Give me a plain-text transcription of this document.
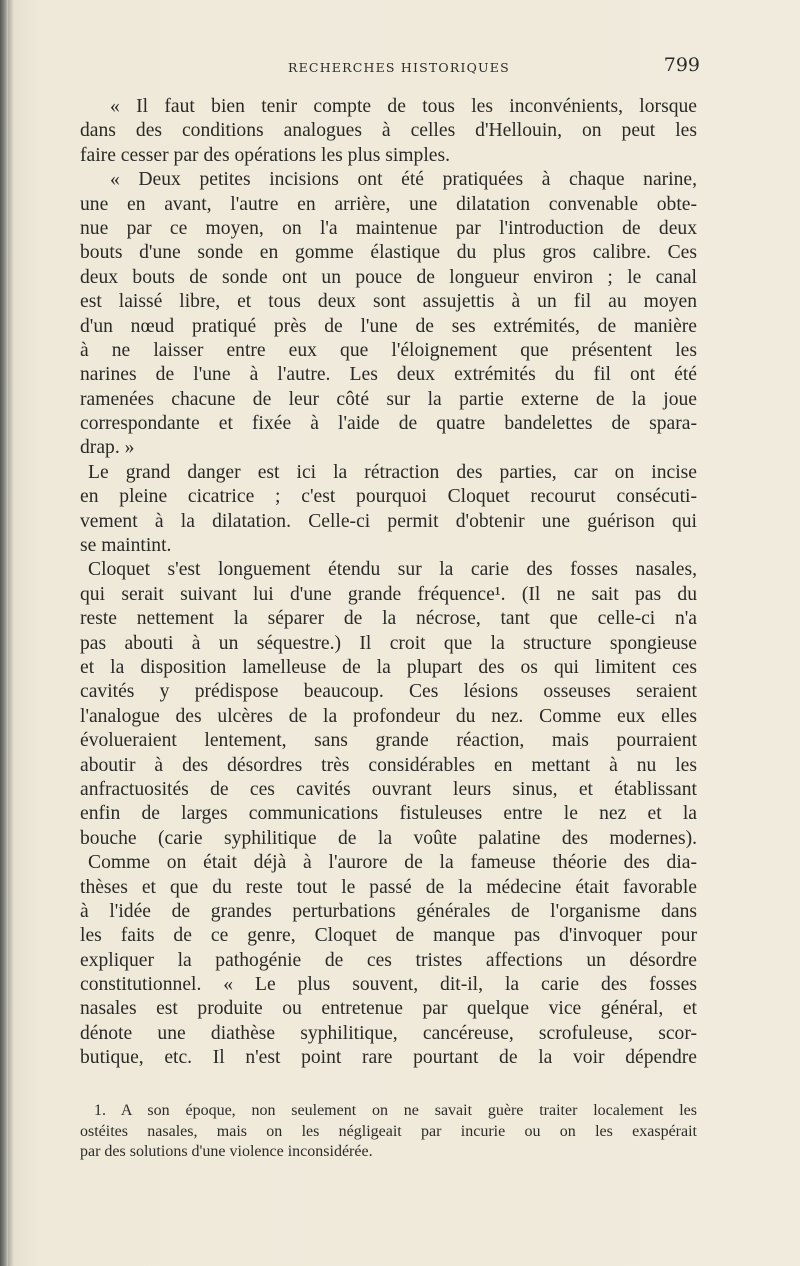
RECHERCHES HISTORIQUES	799
« Il faut bien tenir compte de tous les inconvénients, lorsque
dans des conditions analogues à celles d'Hellouin, on peut les
faire cesser par des opérations les plus simples.
« Deux petites incisions ont été pratiquées à chaque narine,
une en avant, l'autre en arrière, une dilatation convenable obte-
nue par ce moyen, on l'a maintenue par l'introduction de deux
bouts d'une sonde en gomme élastique du plus gros calibre. Ces
deux bouts de sonde ont un pouce de longueur environ ; le canal
est laissé libre, et tous deux sont assujettis à un fil au moyen
d'un nœud pratiqué près de l'une de ses extrémités, de manière
à ne laisser entre eux que l'éloignement que présentent les
narines de l'une à l'autre. Les deux extrémités du fil ont été
ramenées chacune de leur côté sur la partie externe de la joue
correspondante et fixée à l'aide de quatre bandelettes de spara-
drap. »
Le grand danger est ici la rétraction des parties, car on incise
en pleine cicatrice ; c'est pourquoi Cloquet recourut consécuti-
vement à la dilatation. Celle-ci permit d'obtenir une guérison qui
se maintint.
Cloquet s'est longuement étendu sur la carie des fosses nasales,
qui serait suivant lui d'une grande fréquence¹. (Il ne sait pas du
reste nettement la séparer de la nécrose, tant que celle-ci n'a
pas abouti à un séquestre.) Il croit que la structure spongieuse
et la disposition lamelleuse de la plupart des os qui limitent ces
cavités y prédispose beaucoup. Ces lésions osseuses seraient
l'analogue des ulcères de la profondeur du nez. Comme eux elles
évolueraient lentement, sans grande réaction, mais pourraient
aboutir à des désordres très considérables en mettant à nu les
anfractuosités de ces cavités ouvrant leurs sinus, et établissant
enfin de larges communications fistuleuses entre le nez et la
bouche (carie syphilitique de la voûte palatine des modernes).
Comme on était déjà à l'aurore de la fameuse théorie des dia-
thèses et que du reste tout le passé de la médecine était favorable
à l'idée de grandes perturbations générales de l'organisme dans
les faits de ce genre, Cloquet de manque pas d'invoquer pour
expliquer la pathogénie de ces tristes affections un désordre
constitutionnel. « Le plus souvent, dit-il, la carie des fosses
nasales est produite ou entretenue par quelque vice général, et
dénote une diathèse syphilitique, cancéreuse, scrofuleuse, scor-
butique, etc. Il n'est point rare pourtant de la voir dépendre
1. A son époque, non seulement on ne savait guère traiter localement les
ostéites nasales, mais on les négligeait par incurie ou on les exaspérait
par des solutions d'une violence inconsidérée.
